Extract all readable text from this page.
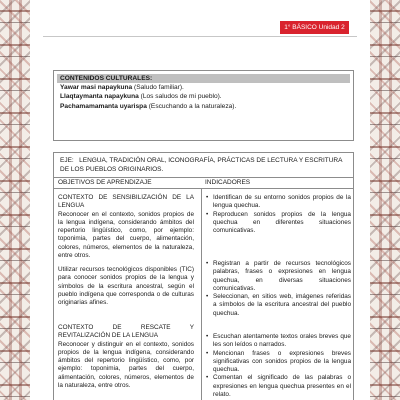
1° BÁSICO Unidad 2
CONTENIDOS CULTURALES:

Yawar masi napaykuna (Saludo familiar).

Llaqtaymanta napaykuna (Los saludos de mi pueblo).

Pachamamamanta uyarispa (Escuchando a la naturaleza).

EJE: LENGUA, TRADICIÓN ORAL, ICONOGRAFÍA, PRÁCTICAS DE LECTURA Y ESCRITURA DE LOS PUEBLOS ORIGINARIOS.
OBJETIVOS DE APRENDIZAJE	INDICADORES
CONTEXTO DE SENSIBILIZACIÓN DE LA LENGUA
Reconocer en el contexto, sonidos propios de la lengua indígena, considerando ámbitos del repertorio lingüístico, como, por ejemplo: toponimia, partes del cuerpo, alimentación, colores, números, elementos de la naturaleza, entre otros.
Utilizar recursos tecnológicos disponibles (TIC) para conocer sonidos propios de la lengua y símbolos de la escritura ancestral, según el pueblo indígena que corresponda o de culturas originarias afines.
CONTEXTO DE RESCATE Y REVITALIZACIÓN DE LA LENGUA
Reconocer y distinguir en el contexto, sonidos propios de la lengua indígena, considerando ámbitos del repertorio lingüístico, como, por ejemplo: toponimia, partes del cuerpo, alimentación, colores, números, elementos de la naturaleza, entre otros.
• Identifican de su entorno sonidos propios de la lengua quechua.
• Reproducen sonidos propios de la lengua quechua en diferentes situaciones comunicativas.
• Registran a partir de recursos tecnológicos palabras, frases o expresiones en lengua quechua, en diversas situaciones comunicativas.
• Seleccionan, en sitios web, imágenes referidas a símbolos de la escritura ancestral del pueblo quechua.
• Escuchan atentamente textos orales breves que les son leídos o narrados.
• Mencionan frases o expresiones breves significativas con sonidos propios de la lengua quechua.
• Comentan el significado de las palabras o expresiones en lengua quechua presentes en el relato.
